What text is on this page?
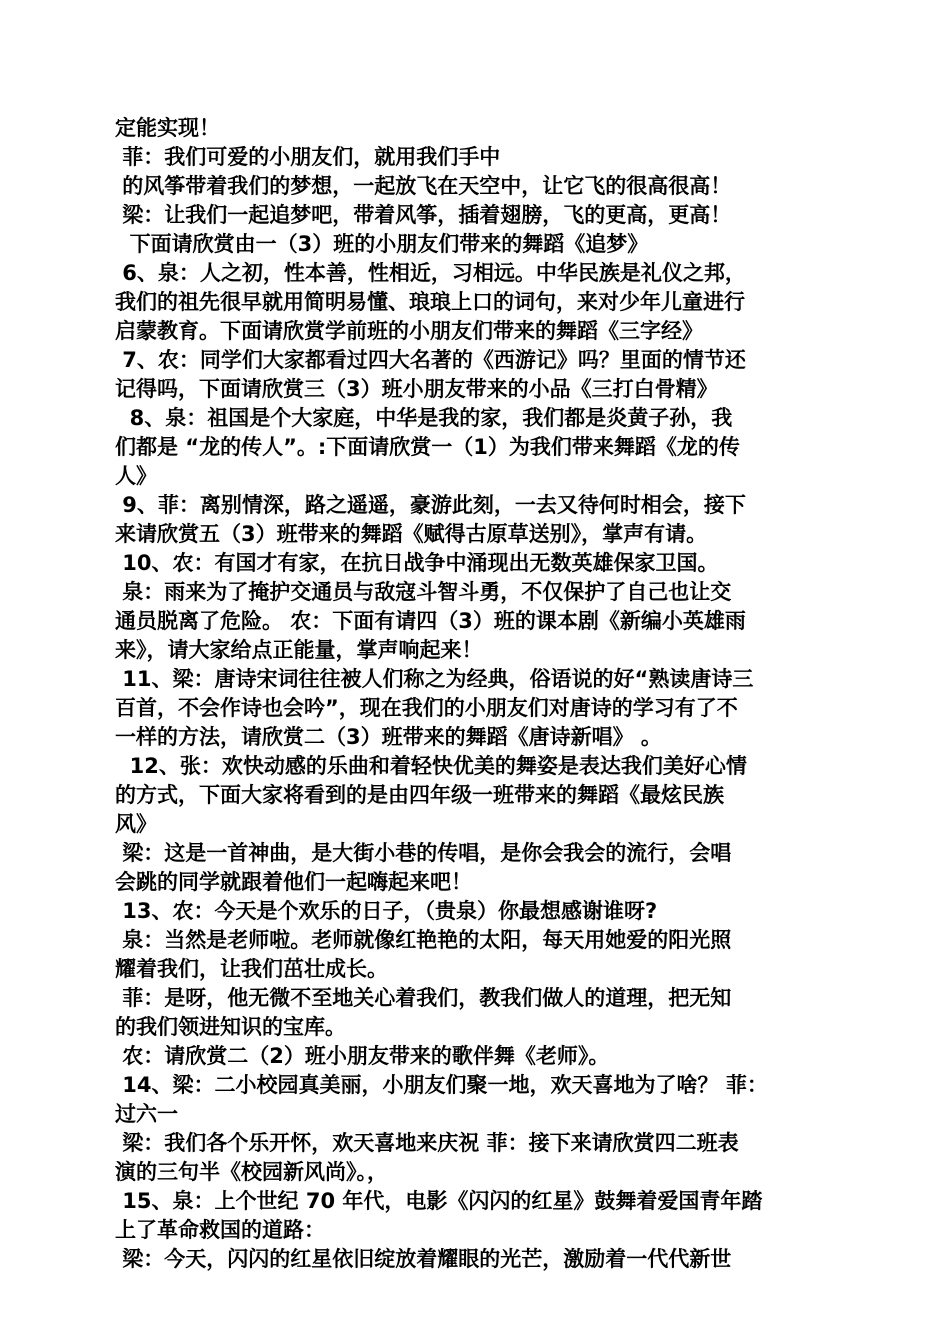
定能实现！
菲：我们可爱的小朋友们，就用我们手中
的风筝带着我们的梦想，一起放飞在天空中，让它飞的很高很高！
梁：让我们一起追梦吧，带着风筝，插着翅膀，飞的更高，更高！
下面请欣赏由一（3）班的小朋友们带来的舞蹈《追梦》
6、泉：人之初，性本善，性相近，习相远。中华民族是礼仪之邦，
我们的祖先很早就用简明易懂、琅琅上口的词句，来对少年儿童进行
启蒙教育。下面请欣赏学前班的小朋友们带来的舞蹈《三字经》
7、农：同学们大家都看过四大名著的《西游记》吗？里面的情节还
记得吗，下面请欣赏三（3）班小朋友带来的小品《三打白骨精》
8、泉：祖国是个大家庭，中华是我的家，我们都是炎黄子孙，我
们都是 “龙的传人”。:下面请欣赏一（1）为我们带来舞蹈《龙的传
人》
9、菲：离别情深，路之遥遥，豪游此刻，一去又待何时相会，接下
来请欣赏五（3）班带来的舞蹈《赋得古原草送别》，掌声有请。
10、农：有国才有家，在抗日战争中涌现出无数英雄保家卫国。
泉：雨来为了掩护交通员与敌寇斗智斗勇，不仅保护了自己也让交
通员脱离了危险。 农：下面有请四（3）班的课本剧《新编小英雄雨
来》，请大家给点正能量，掌声响起来！
11、梁：唐诗宋词往往被人们称之为经典，俗语说的好“熟读唐诗三
百首，不会作诗也会吟”，现在我们的小朋友们对唐诗的学习有了不
一样的方法，请欣赏二（3）班带来的舞蹈《唐诗新唱》 。
12、张：欢快动感的乐曲和着轻快优美的舞姿是表达我们美好心情
的方式，下面大家将看到的是由四年级一班带来的舞蹈《最炫民族
风》
梁：这是一首神曲，是大街小巷的传唱，是你会我会的流行，会唱
会跳的同学就跟着他们一起嗨起来吧！
13、农：今天是个欢乐的日子，（贵泉）你最想感谢谁呀?
泉：当然是老师啦。老师就像红艳艳的太阳，每天用她爱的阳光照
耀着我们，让我们茁壮成长。
菲：是呀，他无微不至地关心着我们，教我们做人的道理，把无知
的我们领进知识的宝库。
农：请欣赏二（2）班小朋友带来的歌伴舞《老师》。
14、梁：二小校园真美丽，小朋友们聚一地，欢天喜地为了啥？ 菲：
过六一
梁：我们各个乐开怀，欢天喜地来庆祝 菲：接下来请欣赏四二班表
演的三句半《校园新风尚》。，
15、泉：上个世纪 70 年代，电影《闪闪的红星》鼓舞着爱国青年踏
上了革命救国的道路：
梁：今天，闪闪的红星依旧绽放着耀眼的光芒，激励着一代代新世
